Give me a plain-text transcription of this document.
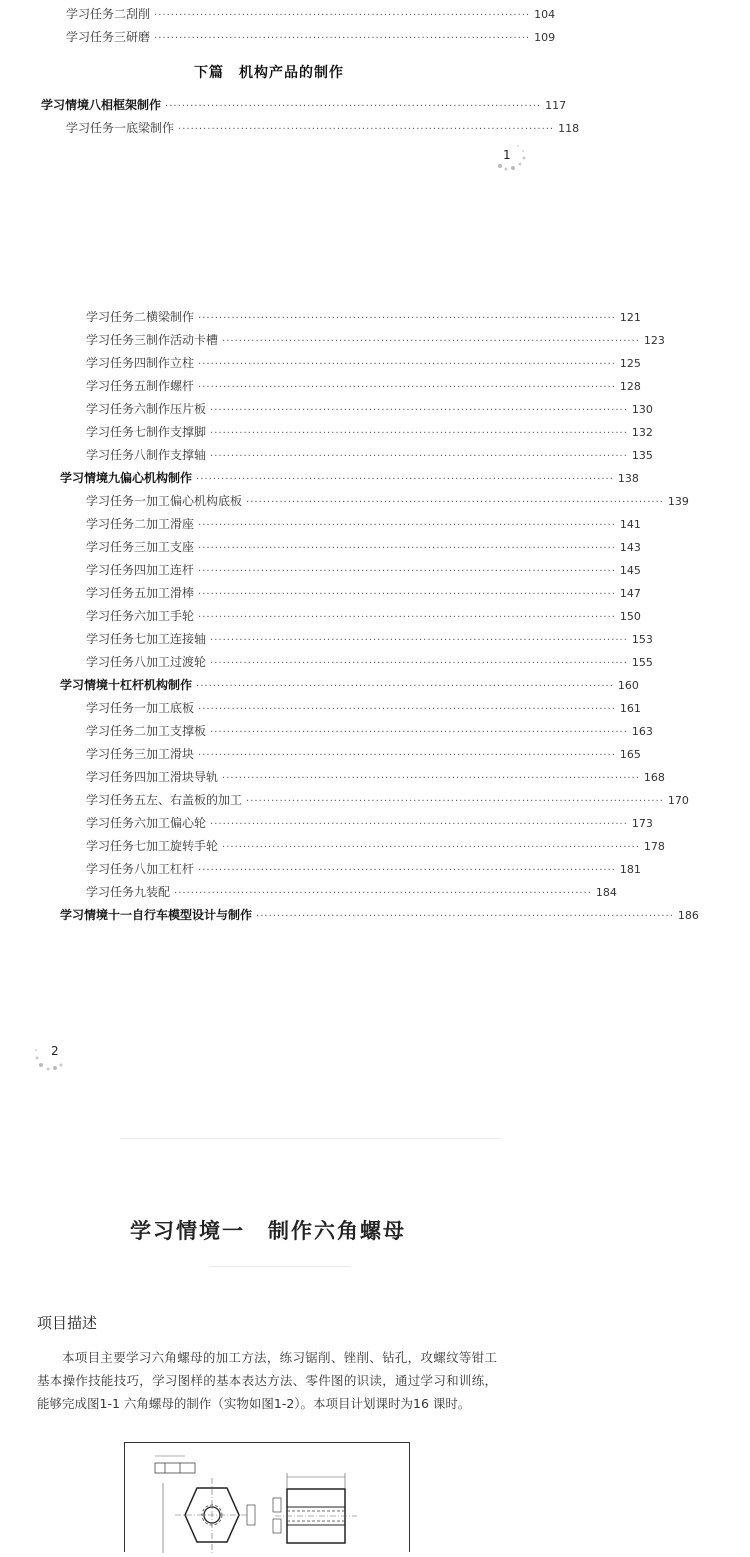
学习任务二 刮削 ·························································································· 104
学习任务三 研磨 ·························································································· 109
下篇　机构产品的制作
学习情境八 相框架制作 ·························································································· 117
学习任务一 底梁制作 ·························································································· 118
1
学习任务二 横梁制作 ···································································································· 121
学习任务三 制作活动卡槽 ···································································································· 123
学习任务四 制作立柱 ···································································································· 125
学习任务五 制作螺杆 ···································································································· 128
学习任务六 制作压片板 ···································································································· 130
学习任务七 制作支撑脚 ···································································································· 132
学习任务八 制作支撑轴 ···································································································· 135
学习情境九 偏心机构制作 ···································································································· 138
学习任务一 加工偏心机构底板 ···································································································· 139
学习任务二 加工滑座 ···································································································· 141
学习任务三 加工支座 ···································································································· 143
学习任务四 加工连杆 ···································································································· 145
学习任务五 加工滑棒 ···································································································· 147
学习任务六 加工手轮 ···································································································· 150
学习任务七 加工连接轴 ···································································································· 153
学习任务八 加工过渡轮 ···································································································· 155
学习情境十 杠杆机构制作 ···································································································· 160
学习任务一 加工底板 ···································································································· 161
学习任务二 加工支撑板 ···································································································· 163
学习任务三 加工滑块 ···································································································· 165
学习任务四 加工滑块导轨 ···································································································· 168
学习任务五 左、右盖板的加工 ···································································································· 170
学习任务六 加工偏心轮 ···································································································· 173
学习任务七 加工旋转手轮 ···································································································· 178
学习任务八 加工杠杆 ···································································································· 181
学习任务九 装配 ···································································································· 184
学习情境十一 自行车模型设计与制作 ···································································································· 186
2
学习情境一　制作六角螺母
项目描述
本项目主要学习六角螺母的加工方法，练习锯削、锉削、钻孔，攻螺纹等钳工基本操作技能技巧，学习图样的基本表达方法、零件图的识读，通过学习和训练，能够完成图1-1 六角螺母的制作（实物如图1-2）。本项目计划课时为16 课时。
